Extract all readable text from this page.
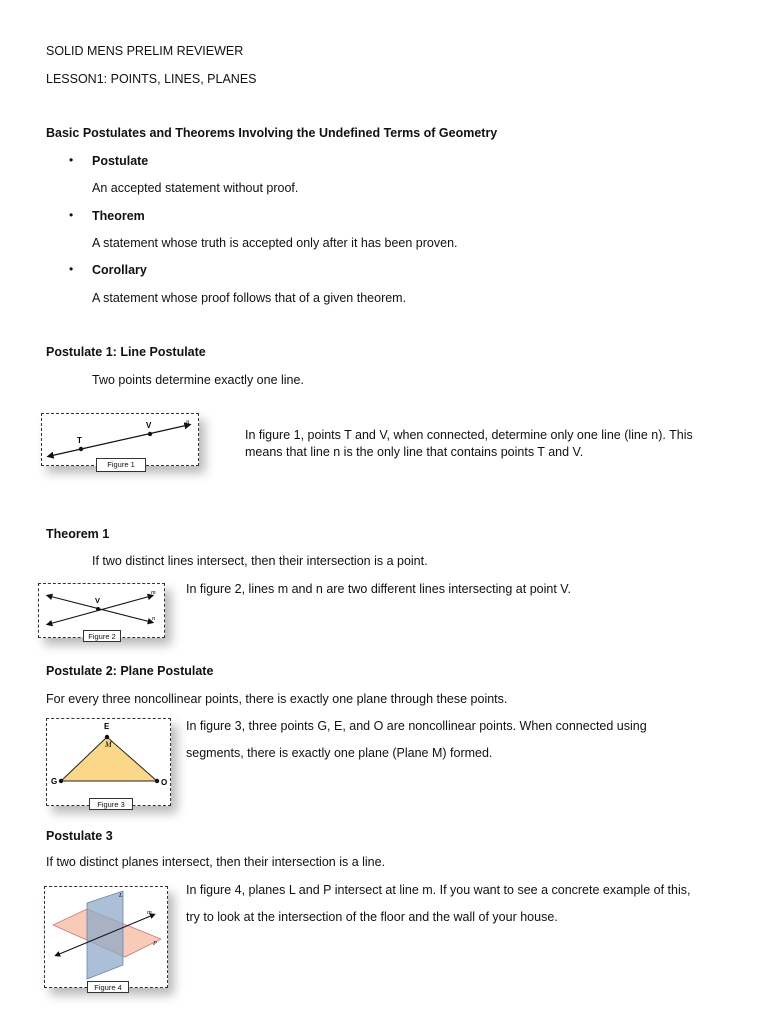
SOLID MENS PRELIM REVIEWER
LESSON1: POINTS, LINES, PLANES
Basic Postulates and Theorems Involving the Undefined Terms of Geometry
• Postulate
An accepted statement without proof.
• Theorem
A statement whose truth is accepted only after it has been proven.
• Corollary
A statement whose proof follows that of a given theorem.
Postulate 1: Line Postulate
Two points determine exactly one line.
T
V	n
Figure 1
In figure 1, points T and V, when connected, determine only one line (line n). This means that line n is the only line that contains points T and V.
Theorem 1
If two distinct lines intersect, then their intersection is a point.
V
m
n
Figure 2
In figure 2, lines m and n are two different lines intersecting at point V.
Postulate 2: Plane Postulate
For every three noncollinear points, there is exactly one plane through these points.
E
G	O
M
Figure 3
In figure 3, three points G, E, and O are noncollinear points. When connected using
segments, there is exactly one plane (Plane M) formed.
Postulate 3
If two distinct planes intersect, then their intersection is a line.
L
P
m
Figure 4
In figure 4, planes L and P intersect at line m. If you want to see a concrete example of this,
try to look at the intersection of the floor and the wall of your house.
